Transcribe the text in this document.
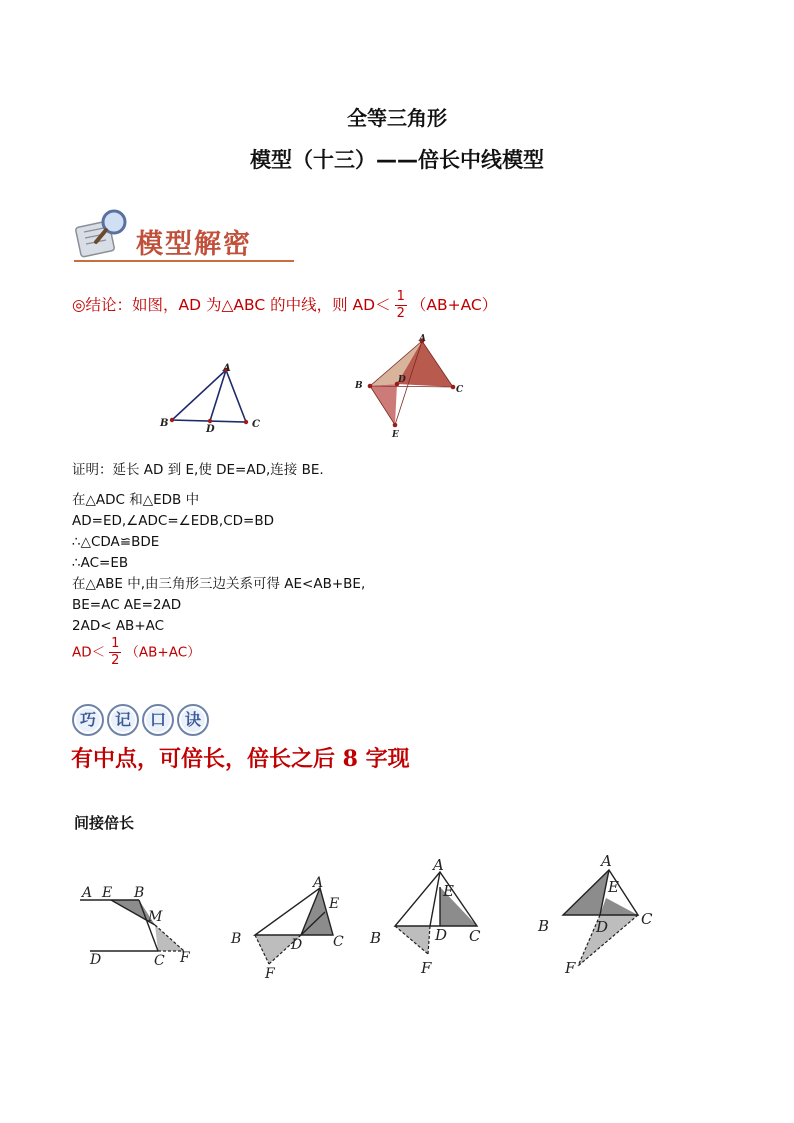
全等三角形
模型（十三）——倍长中线模型
模型解密
◎结论：如图，AD 为△ABC 的中线，则 $AD< \frac{1}{2} (AB+AC)$
A
B	C
D
A
B	C
D
E
证明：延长 AD 到 E,使 DE=AD,连接 BE.
在△ADC 和△EDB 中
AD=ED,∠ADC=∠EDB,CD=BD
∴△CDA≌BDE
∴AC=EB
在△ABE 中,由三角形三边关系可得 AE<AB+BE,
BE=AC AE=2AD
2AD< AB+AC
$AD< \frac{1}{2} (AB+AC)$
巧	记	口	诀
有中点，可倍长，倍长之后 8 字现
间接倍长
A E B
M
D	C F
A
E
B	D C
F
A
E
B	D C
F
A
E
B	D C
F
